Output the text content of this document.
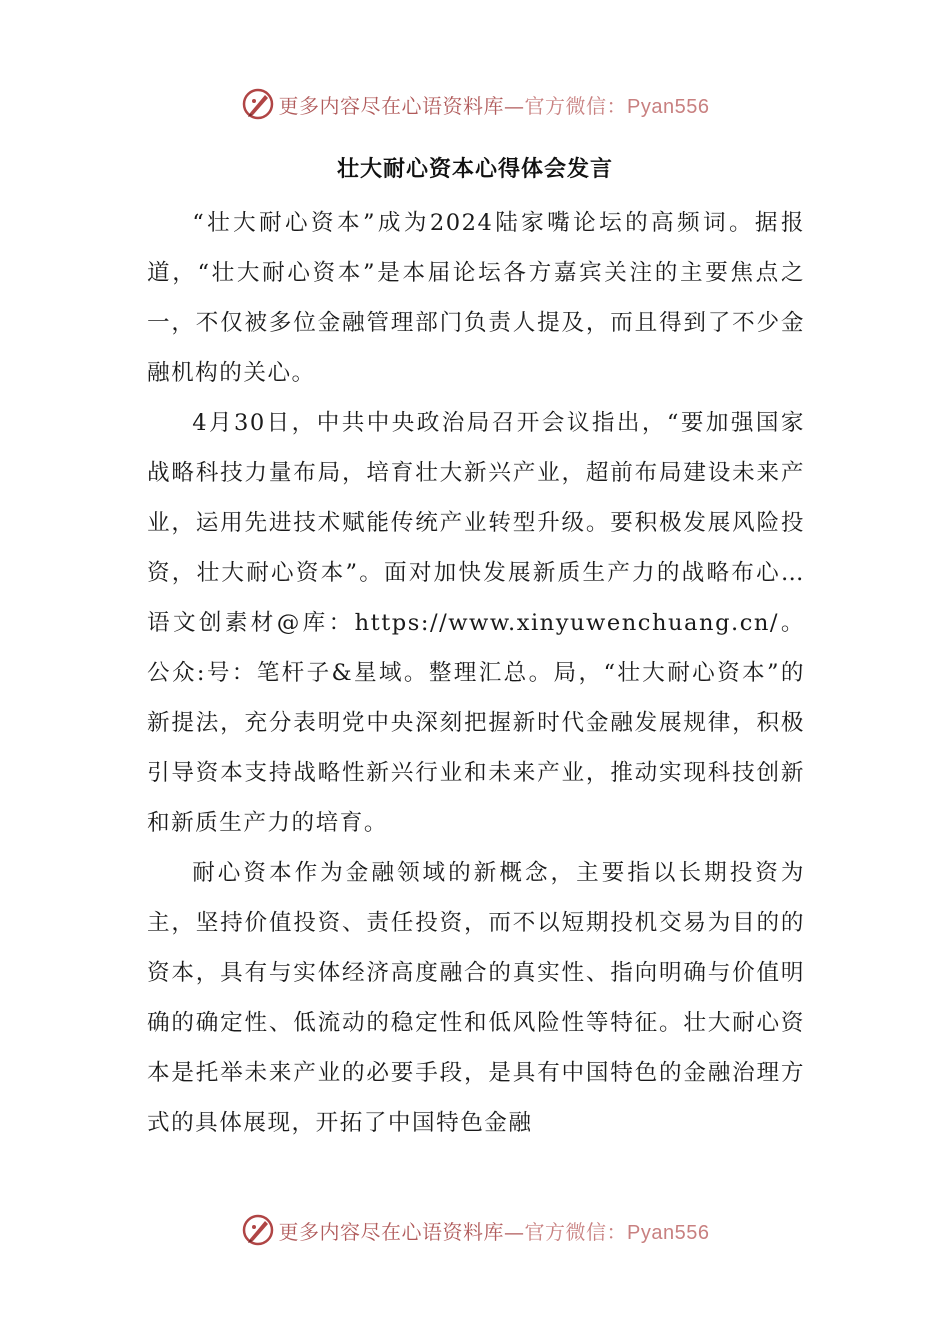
更多内容尽在心语资料库—官方微信：Pyan556
壮大耐心资本心得体会发言

“壮大耐心资本”成为2024陆家嘴论坛的高频词。据报道，“壮大耐心资本”是本届论坛各方嘉宾关注的主要焦点之一，不仅被多位金融管理部门负责人提及，而且得到了不少金融机构的关心。

4月30日，中共中央政治局召开会议指出，“要加强国家战略科技力量布局，培育壮大新兴产业，超前布局建设未来产业，运用先进技术赋能传统产业转型升级。要积极发展风险投资，壮大耐心资本”。面对加快发展新质生产力的战略布心…语文创素材@库：https://www.xinyuwenchuang.cn/。公众:号：笔杆子&星域。整理汇总。局，“壮大耐心资本”的新提法，充分表明党中央深刻把握新时代金融发展规律，积极引导资本支持战略性新兴行业和未来产业，推动实现科技创新和新质生产力的培育。

耐心资本作为金融领域的新概念，主要指以长期投资为主，坚持价值投资、责任投资，而不以短期投机交易为目的的资本，具有与实体经济高度融合的真实性、指向明确与价值明确的确定性、低流动的稳定性和低风险性等特征。壮大耐心资本是托举未来产业的必要手段，是具有中国特色的金融治理方式的具体展现，开拓了中国特色金融

更多内容尽在心语资料库—官方微信：Pyan556
